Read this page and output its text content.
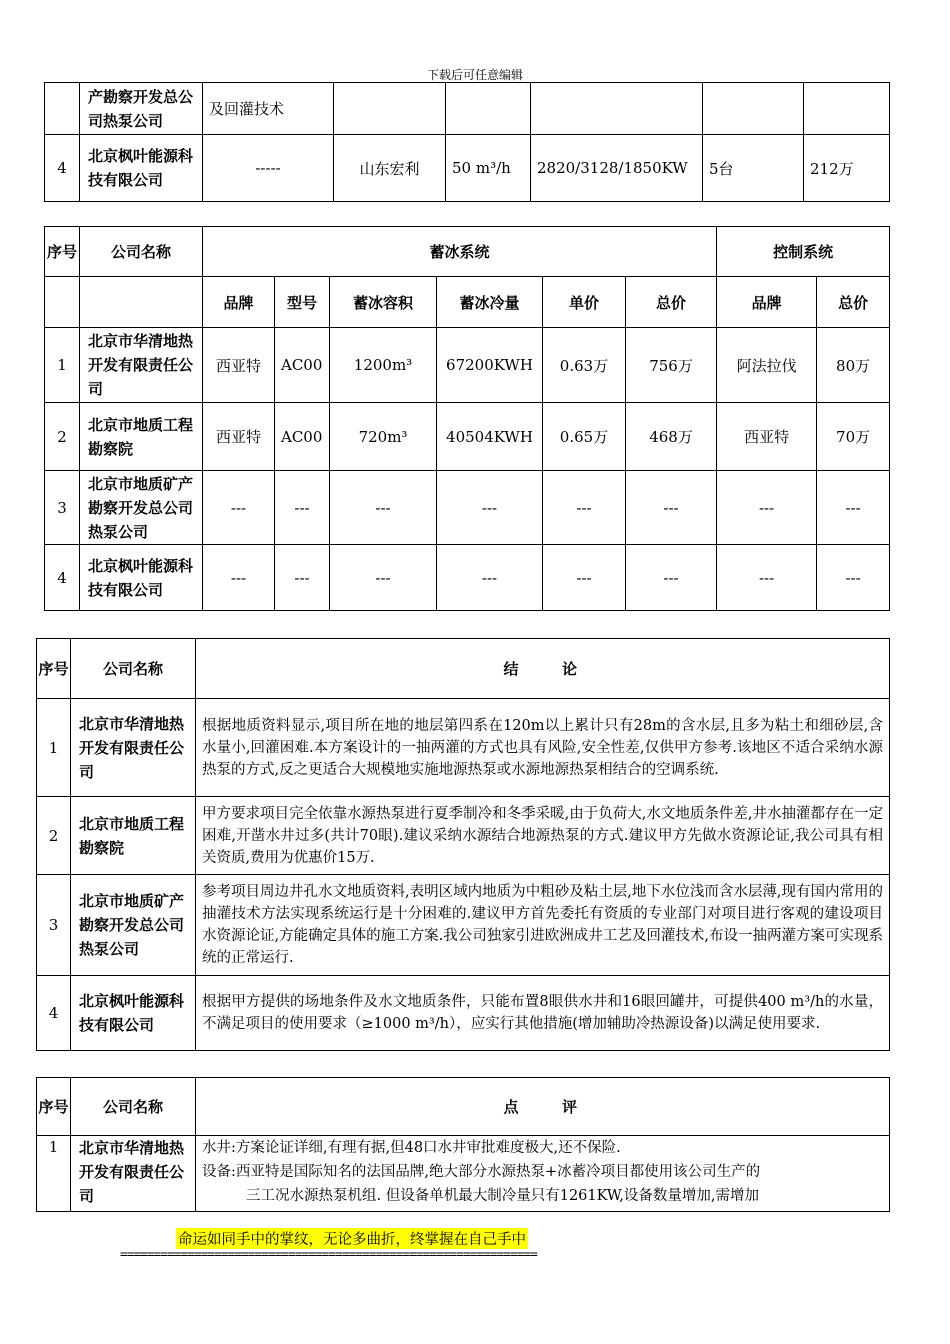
下载后可任意编辑
	产勘察开发总公司热泵公司	及回灌技术					
4	北京枫叶能源科技有限公司	-----	山东宏利	50 m³/h	2820/3128/1850KW	5台	212万
序号	公司名称	蓄冰系统						控制系统	
		品牌	型号	蓄冰容积	蓄冰冷量	单价	总价	品牌	总价
1	北京市华清地热开发有限责任公司	西亚特	AC00	1200m³	67200KWH	0.63万	756万	阿法拉伐	80万
2	北京市地质工程勘察院	西亚特	AC00	720m³	40504KWH	0.65万	468万	西亚特	70万
3	北京市地质矿产勘察开发总公司热泵公司	---	---	---	---	---	---	---	---
4	北京枫叶能源科技有限公司	---	---	---	---	---	---	---	---
序号	公司名称	结　　论
1	北京市华清地热开发有限责任公司	根据地质资料显示,项目所在地的地层第四系在120m以上累计只有28m的含水层,且多为粘土和细砂层,含水量小,回灌困难.本方案设计的一抽两灌的方式也具有风险,安全性差,仅供甲方参考.该地区不适合采纳水源热泵的方式,反之更适合大规模地实施地源热泵或水源地源热泵相结合的空调系统.
2	北京市地质工程勘察院	甲方要求项目完全依靠水源热泵进行夏季制冷和冬季采暖,由于负荷大,水文地质条件差,井水抽灌都存在一定困难,开凿水井过多(共计70眼).建议采纳水源结合地源热泵的方式.建议甲方先做水资源论证,我公司具有相关资质,费用为优惠价15万.
3	北京市地质矿产勘察开发总公司热泵公司	参考项目周边井孔水文地质资料,表明区域内地质为中粗砂及粘土层,地下水位浅而含水层薄,现有国内常用的抽灌技术方法实现系统运行是十分困难的.建议甲方首先委托有资质的专业部门对项目进行客观的建设项目水资源论证,方能确定具体的施工方案.我公司独家引进欧洲成井工艺及回灌技术,布设一抽两灌方案可实现系统的正常运行.
4	北京枫叶能源科技有限公司	根据甲方提供的场地条件及水文地质条件，只能布置8眼供水井和16眼回罐井，可提供400 m³/h的水量，不满足项目的使用要求（≥1000 m³/h），应实行其他措施(增加辅助冷热源设备)以满足使用要求.
序号	公司名称	点　　评
1	北京市华清地热开发有限责任公司	水井:方案论证详细,有理有据,但48口水井审批难度极大,还不保险.
设备:西亚特是国际知名的法国品牌,绝大部分水源热泵+冰蓄冷项目都使用该公司生产的
三工况水源热泵机组. 但设备单机最大制冷量只有1261KW,设备数量增加,需增加
命运如同手中的掌纹，无论多曲折，终掌握在自己手中
==============================================================
